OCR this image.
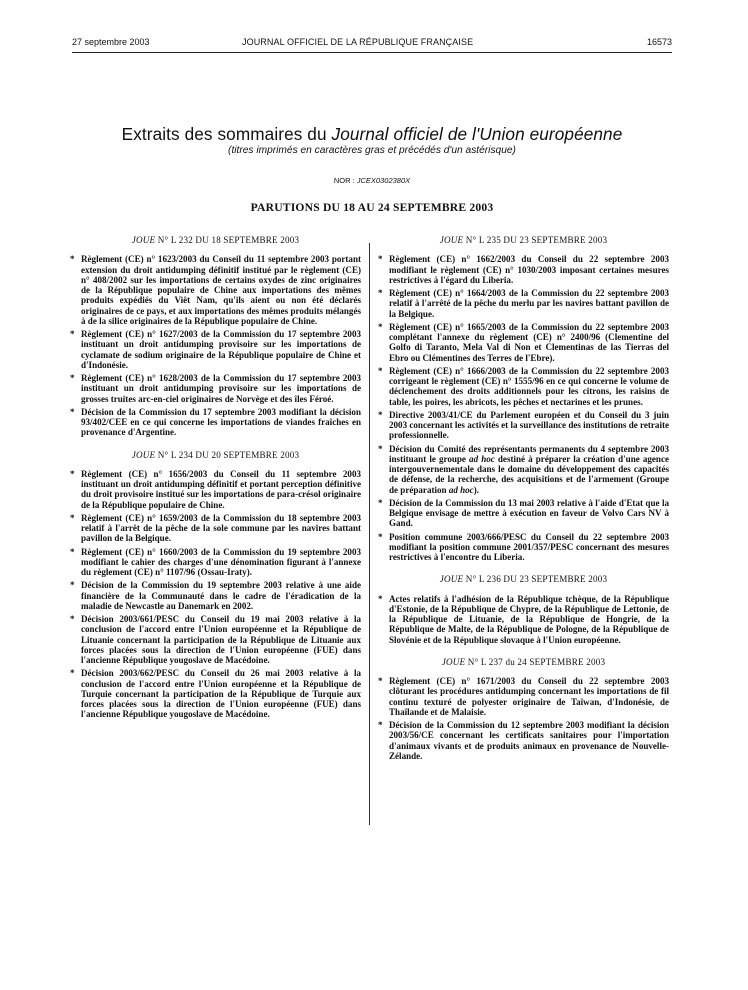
27 septembre 2003	JOURNAL OFFICIEL DE LA RÉPUBLIQUE FRANÇAISE	16573
Extraits des sommaires du Journal officiel de l'Union européenne
(titres imprimés en caractères gras et précédés d'un astérisque)
NOR : JCEX0302380X
PARUTIONS DU 18 AU 24 SEPTEMBRE 2003
JOUE N° L 232 DU 18 SEPTEMBRE 2003
* Règlement (CE) n° 1623/2003 du Conseil du 11 septembre 2003 portant extension du droit antidumping définitif institué par le règlement (CE) n° 408/2002 sur les importations de certains oxydes de zinc originaires de la République populaire de Chine aux importations des mêmes produits expédiés du Viêt Nam, qu'ils aient ou non été déclarés originaires de ce pays, et aux importations des mêmes produits mélangés à de la silice originaires de la République populaire de Chine.
* Règlement (CE) n° 1627/2003 de la Commission du 17 septembre 2003 instituant un droit antidumping provisoire sur les importations de cyclamate de sodium originaire de la République populaire de Chine et d'Indonésie.
* Règlement (CE) n° 1628/2003 de la Commission du 17 septembre 2003 instituant un droit antidumping provisoire sur les importations de grosses truites arc-en-ciel originaires de Norvège et des îles Féroé.
* Décision de la Commission du 17 septembre 2003 modifiant la décision 93/402/CEE en ce qui concerne les importations de viandes fraîches en provenance d'Argentine.
JOUE N° L 234 DU 20 SEPTEMBRE 2003
* Règlement (CE) n° 1656/2003 du Conseil du 11 septembre 2003 instituant un droit antidumping définitif et portant perception définitive du droit provisoire institué sur les importations de para-crésol originaire de la République populaire de Chine.
* Règlement (CE) n° 1659/2003 de la Commission du 18 septembre 2003 relatif à l'arrêt de la pêche de la sole commune par les navires battant pavillon de la Belgique.
* Règlement (CE) n° 1660/2003 de la Commission du 19 septembre 2003 modifiant le cahier des charges d'une dénomination figurant à l'annexe du règlement (CE) n° 1107/96 (Ossau-Iraty).
* Décision de la Commission du 19 septembre 2003 relative à une aide financière de la Communauté dans le cadre de l'éradication de la maladie de Newcastle au Danemark en 2002.
* Décision 2003/661/PESC du Conseil du 19 mai 2003 relative à la conclusion de l'accord entre l'Union européenne et la République de Lituanie concernant la participation de la République de Lituanie aux forces placées sous la direction de l'Union européenne (FUE) dans l'ancienne République yougoslave de Macédoine.
* Décision 2003/662/PESC du Conseil du 26 mai 2003 relative à la conclusion de l'accord entre l'Union européenne et la République de Turquie concernant la participation de la République de Turquie aux forces placées sous la direction de l'Union européenne (FUE) dans l'ancienne République yougoslave de Macédoine.
JOUE N° L 235 DU 23 SEPTEMBRE 2003
* Règlement (CE) n° 1662/2003 du Conseil du 22 septembre 2003 modifiant le règlement (CE) n° 1030/2003 imposant certaines mesures restrictives à l'égard du Liberia.
* Règlement (CE) n° 1664/2003 de la Commission du 22 septembre 2003 relatif à l'arrêté de la pêche du merlu par les navires battant pavillon de la Belgique.
* Règlement (CE) n° 1665/2003 de la Commission du 22 septembre 2003 complétant l'annexe du règlement (CE) n° 2400/96 (Clementine del Golfo di Taranto, Mela Val di Non et Clementinas de las Tierras del Ebro ou Clémentines des Terres de l'Ebre).
* Règlement (CE) n° 1666/2003 de la Commission du 22 septembre 2003 corrigeant le règlement (CE) n° 1555/96 en ce qui concerne le volume de déclenchement des droits additionnels pour les citrons, les raisins de table, les poires, les abricots, les pêches et nectarines et les prunes.
* Directive 2003/41/CE du Parlement européen et du Conseil du 3 juin 2003 concernant les activités et la surveillance des institutions de retraite professionnelle.
* Décision du Comité des représentants permanents du 4 septembre 2003 instituant le groupe ad hoc destiné à préparer la création d'une agence intergouvernementale dans le domaine du développement des capacités de défense, de la recherche, des acquisitions et de l'armement (Groupe de préparation ad hoc).
* Décision de la Commission du 13 mai 2003 relative à l'aide d'Etat que la Belgique envisage de mettre à exécution en faveur de Volvo Cars NV à Gand.
* Position commune 2003/666/PESC du Conseil du 22 septembre 2003 modifiant la position commune 2001/357/PESC concernant des mesures restrictives à l'encontre du Liberia.
JOUE N° L 236 DU 23 SEPTEMBRE 2003
* Actes relatifs à l'adhésion de la République tchèque, de la République d'Estonie, de la République de Chypre, de la République de Lettonie, de la République de Lituanie, de la République de Hongrie, de la République de Malte, de la République de Pologne, de la République de Slovénie et de la République slovaque à l'Union européenne.
JOUE N° L 237 du 24 SEPTEMBRE 2003
* Règlement (CE) n° 1671/2003 du Conseil du 22 septembre 2003 clôturant les procédures antidumping concernant les importations de fil continu texturé de polyester originaire de Taïwan, d'Indonésie, de Thaïlande et de Malaisie.
* Décision de la Commission du 12 septembre 2003 modifiant la décision 2003/56/CE concernant les certificats sanitaires pour l'importation d'animaux vivants et de produits animaux en provenance de Nouvelle-Zélande.
